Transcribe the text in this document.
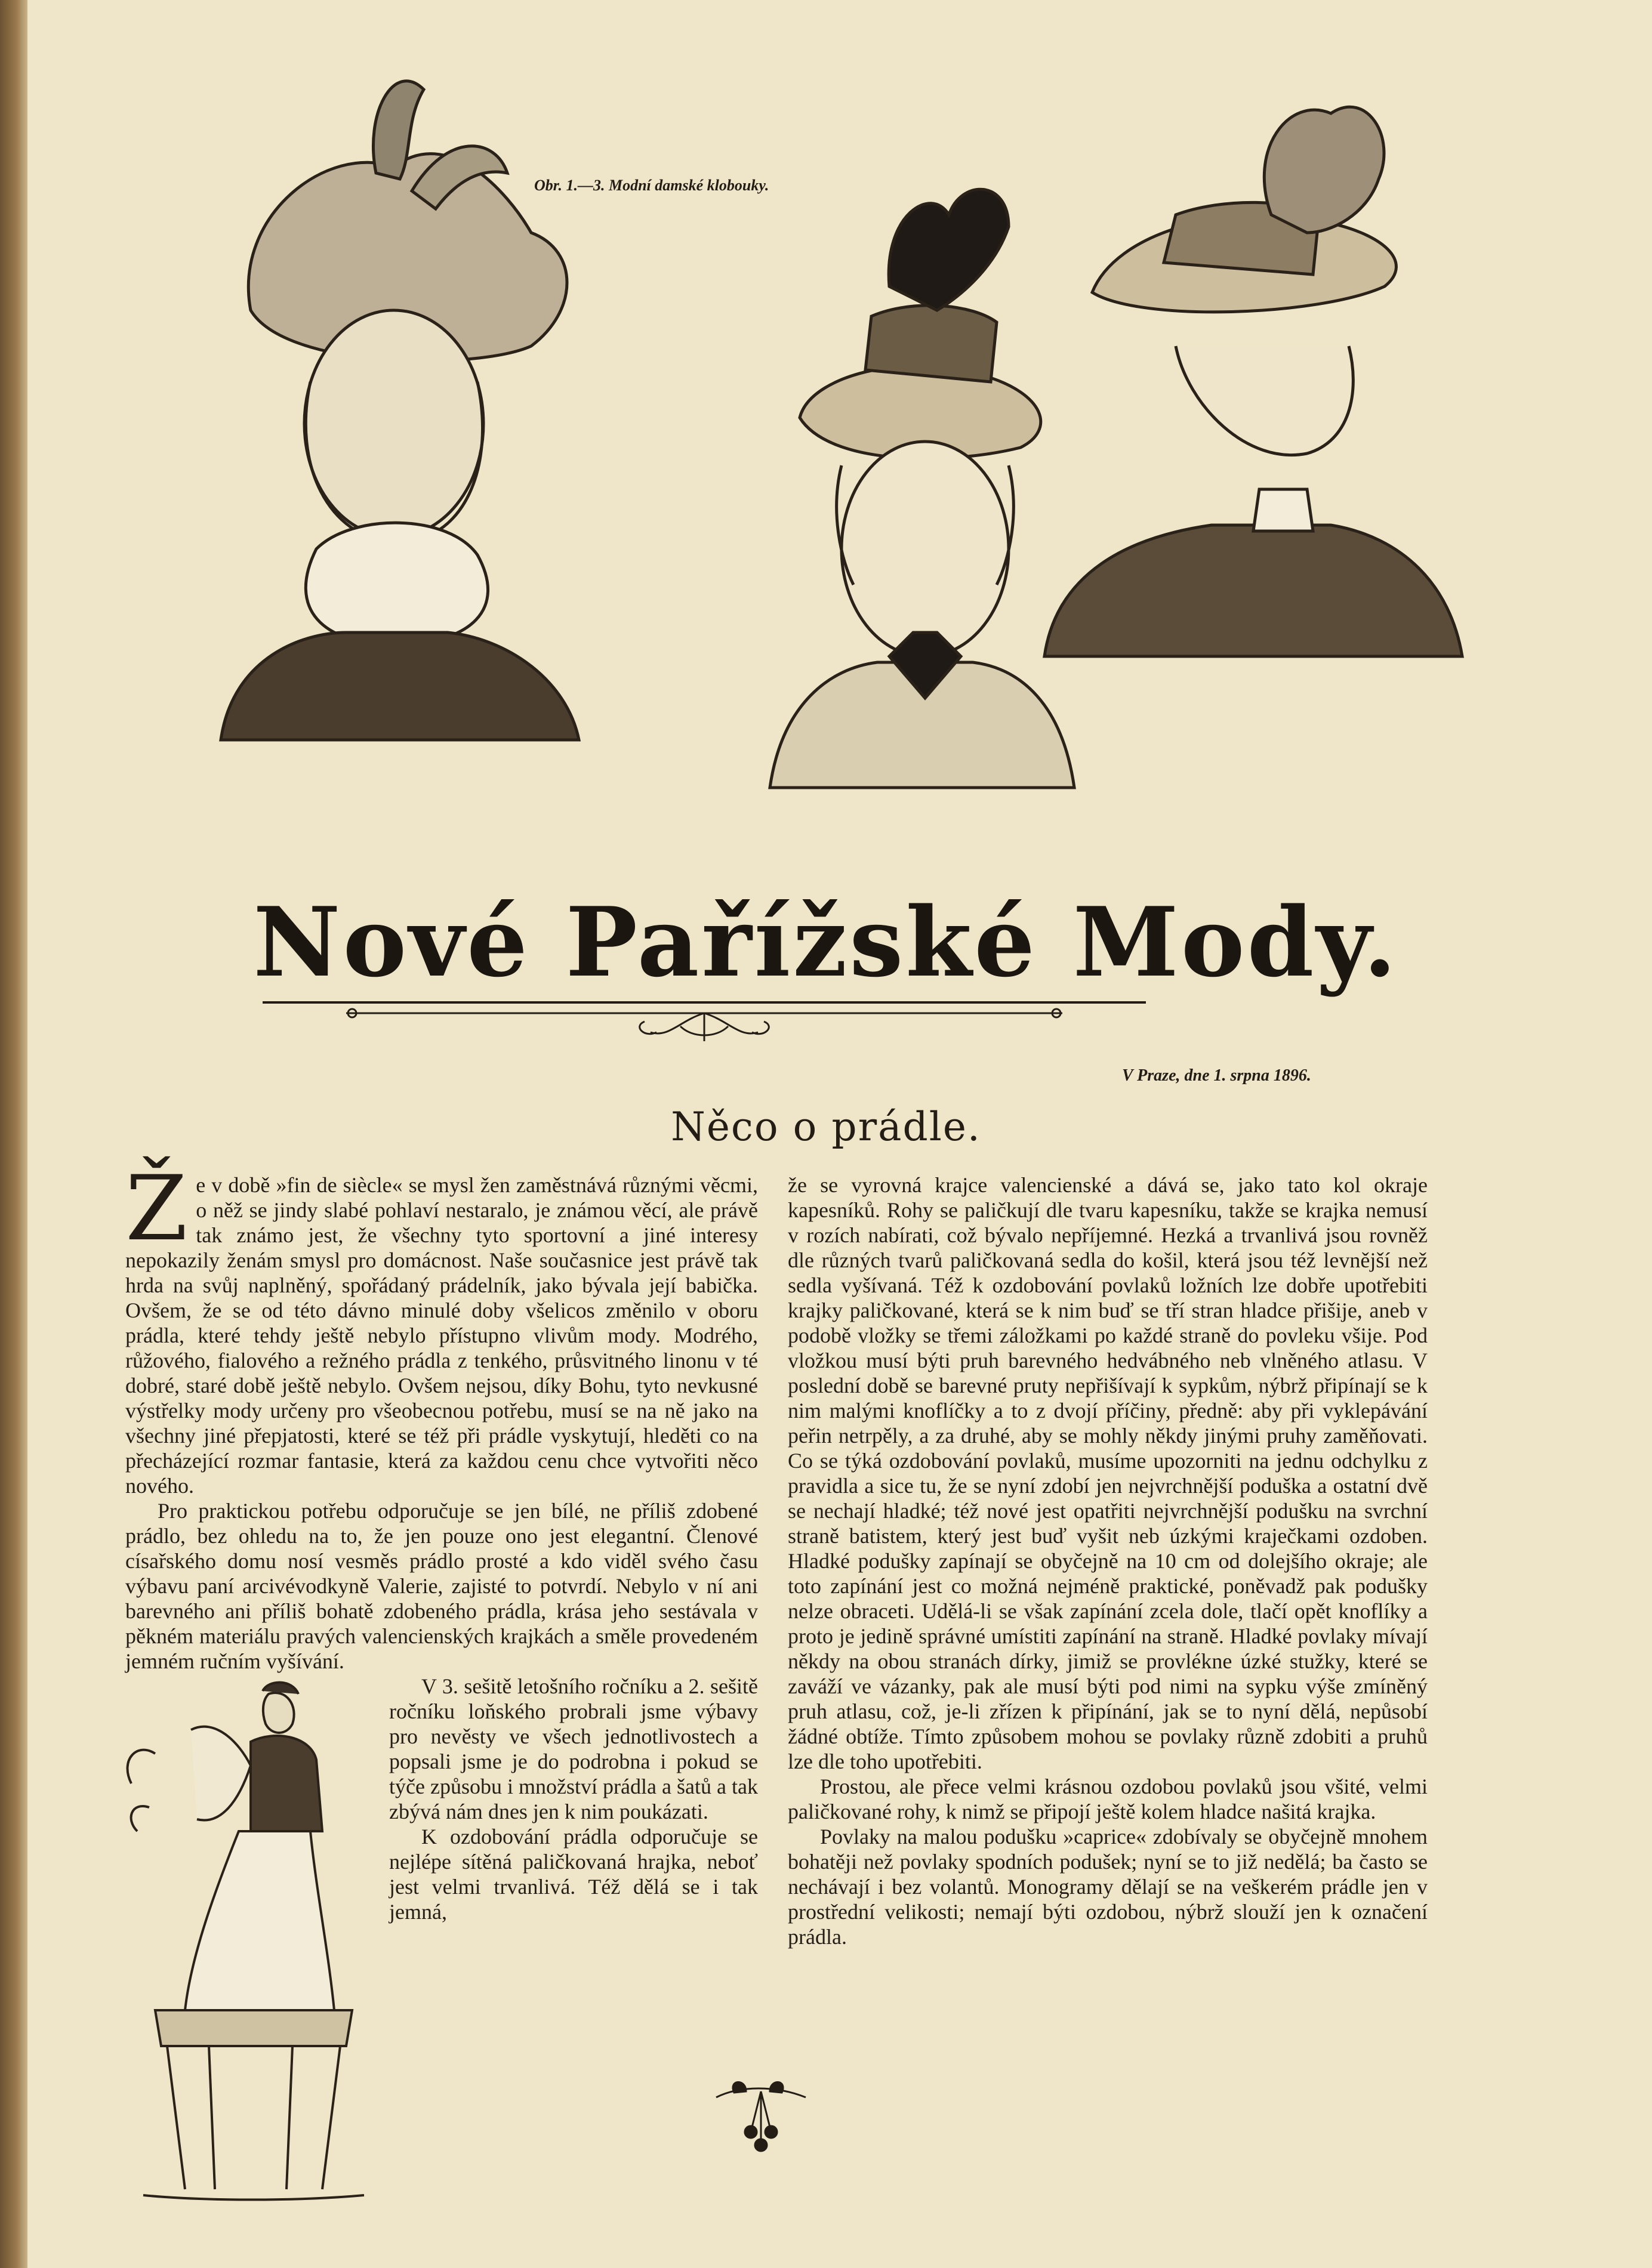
Obr. 1.—3. Modní damské klobouky.
Nové Pařížské Mody.
V Praze, dne 1. srpna 1896.
Něco o prádle.
Ž e v době »fin de siècle« se mysl žen zaměstnává různými věcmi, o něž se jindy slabé pohlaví nestaralo, je známou věcí, ale právě tak známo jest, že všechny tyto sportovní a jiné interesy nepokazily ženám smysl pro domácnost. Naše současnice jest právě tak hrda na svůj naplněný, spořádaný prádelník, jako bývala její babička. Ovšem, že se od této dávno minulé doby všelicos změnilo v oboru prádla, které tehdy ještě nebylo přístupno vlivům mody. Modrého, růžového, fialového a režného prádla z tenkého, průsvitného linonu v té dobré, staré době ještě nebylo. Ovšem nejsou, díky Bohu, tyto nevkusné výstřelky mody určeny pro všeobecnou potřebu, musí se na ně jako na všechny jiné přepjatosti, které se též při prádle vyskytují, hleděti co na přecházející rozmar fantasie, která za každou cenu chce vytvořiti něco nového.

Pro praktickou potřebu odporučuje se jen bílé, ne příliš zdobené prádlo, bez ohledu na to, že jen pouze ono jest elegantní. Členové císařského domu nosí vesměs prádlo prosté a kdo viděl svého času výbavu paní arcivévodkyně Valerie, zajisté to potvrdí. Nebylo v ní ani barevného ani příliš bohatě zdobeného prádla, krása jeho sestávala v pěkném materiálu pravých valencienských krajkách a směle provedeném jemném ručním vyšívání.

V 3. sešitě letošního ročníku a 2. sešitě ročníku loňského probrali jsme výbavy pro nevěsty ve všech jednotlivostech a popsali jsme je do podrobna i pokud se týče způsobu i množství prádla a šatů a tak zbývá nám dnes jen k nim poukázati.

K ozdobování prádla odporučuje se nejlépe sítěná paličkovaná hrajka, neboť jest velmi trvanlivá. Též dělá se i tak jemná,

že se vyrovná krajce valencienské a dává se, jako tato kol okraje kapesníků. Rohy se paličkují dle tvaru kapesníku, takže se krajka nemusí v rozích nabírati, což bývalo nepříjemné. Hezká a trvanlivá jsou rovněž dle různých tvarů paličkovaná sedla do košil, která jsou též levnější než sedla vyšívaná. Též k ozdobování povlaků ložních lze dobře upotřebiti krajky paličkované, která se k nim buď se tří stran hladce přišije, aneb v podobě vložky se třemi záložkami po každé straně do povleku všije. Pod vložkou musí býti pruh barevného hedvábného neb vlněného atlasu. V poslední době se barevné pruty nepřišívají k sypkům, nýbrž připínají se k nim malými knoflíčky a to z dvojí příčiny, předně: aby při vyklepávání peřin netrpěly, a za druhé, aby se mohly někdy jinými pruhy zaměňovati. Co se týká ozdobování povlaků, musíme upozorniti na jednu odchylku z pravidla a sice tu, že se nyní zdobí jen nejvrchnější poduška a ostatní dvě se nechají hladké; též nové jest opatřiti nejvrchnější podušku na svrchní straně batistem, který jest buď vyšit neb úzkými kraječkami ozdoben. Hladké podušky zapínají se obyčejně na 10 cm od dolejšího okraje; ale toto zapínání jest co možná nejméně praktické, poněvadž pak podušky nelze obraceti. Udělá-li se však zapínání zcela dole, tlačí opět knoflíky a proto je jedině správné umístiti zapínání na straně. Hladké povlaky mívají někdy na obou stranách dírky, jimiž se provlékne úzké stužky, které se zaváží ve vázanky, pak ale musí býti pod nimi na sypku výše zmíněný pruh atlasu, což, je-li zřízen k připínání, jak se to nyní dělá, nepůsobí žádné obtíže. Tímto způsobem mohou se povlaky různě zdobiti a pruhů lze dle toho upotřebiti.

Prostou, ale přece velmi krásnou ozdobou povlaků jsou všité, velmi paličkované rohy, k nimž se připojí ještě kolem hladce našitá krajka.

Povlaky na malou podušku »caprice« zdobívaly se obyčejně mnohem bohatěji než povlaky spodních podušek; nyní se to již nedělá; ba často se nechávají i bez volantů. Monogramy dělají se na veškerém prádle jen v prostřední velikosti; nemají býti ozdobou, nýbrž slouží jen k označení prádla.
